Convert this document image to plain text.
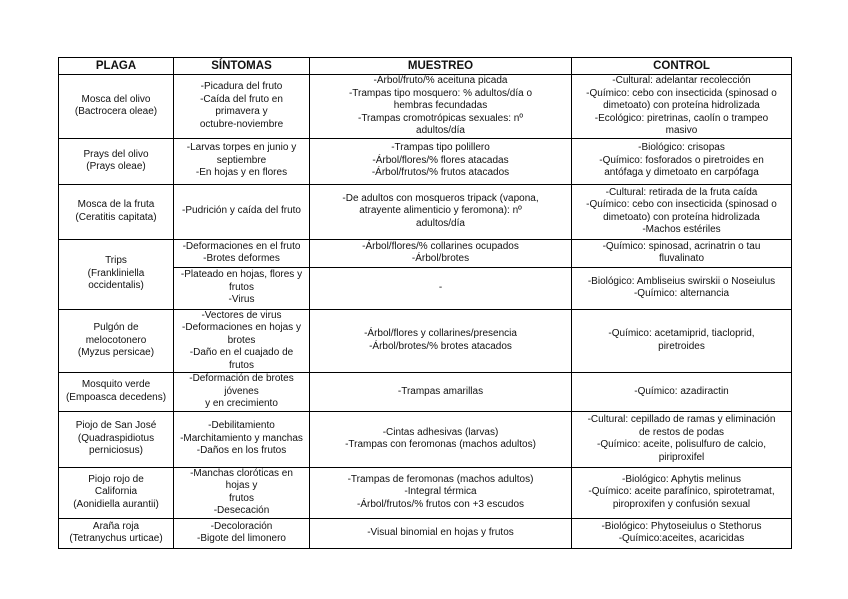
PLAGA	SÍNTOMAS	MUESTREO	CONTROL

Mosca del olivo
(Bactrocera oleae)	-Picadura del fruto
-Caída del fruto en primavera y
octubre-noviembre	-Árbol/fruto/% aceituna picada
-Trampas tipo mosquero: % adultos/día o
hembras fecundadas
-Trampas cromotrópicas sexuales: nº
adultos/día	-Cultural: adelantar recolección
-Químico: cebo con insecticida (spinosad o
dimetoato) con proteína hidrolizada
-Ecológico: piretrinas, caolín o trampeo
masivo

Prays del olivo
(Prays oleae)	-Larvas torpes en junio y
septiembre
-En hojas y en flores	-Trampas tipo polillero
-Árbol/flores/% flores atacadas
-Árbol/frutos/% frutos atacados	-Biológico: crisopas
-Químico: fosforados o piretroides en
antófaga y dimetoato en carpófaga

Mosca de la fruta
(Ceratitis capitata)	-Pudrición y caída del fruto	-De adultos con mosqueros tripack (vapona,
atrayente alimenticio y feromona): nº
adultos/día	-Cultural: retirada de la fruta caída
-Químico: cebo con insecticida (spinosad o
dimetoato) con proteína hidrolizada
-Machos estériles

Trips
(Frankliniella
occidentalis)	-Deformaciones en el fruto
-Brotes deformes	-Árbol/flores/% collarines ocupados
-Árbol/brotes	-Químico: spinosad, acrinatrin o tau
fluvalinato

	-Plateado en hojas, flores y
frutos
-Virus	-	-Biológico: Ambliseius swirskii o Noseiulus
-Químico: alternancia

Pulgón de
melocotonero
(Myzus persicae)	-Vectores de virus
-Deformaciones en hojas y
brotes
-Daño en el cuajado de frutos	-Árbol/flores y collarines/presencia
-Árbol/brotes/% brotes atacados	-Químico: acetamiprid, tiacloprid,
piretroides

Mosquito verde
(Empoasca decedens)	-Deformación de brotes jóvenes
y en crecimiento	-Trampas amarillas	-Químico: azadiractin

Piojo de San José
(Quadraspidiotus
perniciosus)	-Debilitamiento
-Marchitamiento y manchas
-Daños en los frutos	-Cintas adhesivas (larvas)
-Trampas con feromonas (machos adultos)	-Cultural: cepillado de ramas y eliminación
de restos de podas
-Químico: aceite, polisulfuro de calcio,
piriproxifel

Piojo rojo de
California
(Aonidiella aurantii)	-Manchas cloróticas en hojas y
frutos
-Desecación	-Trampas de feromonas (machos adultos)
-Integral térmica
-Árbol/frutos/% frutos con +3 escudos	-Biológico: Aphytis melinus
-Químico: aceite parafínico, spirotetramat,
piroproxifen y confusión sexual

Araña roja
(Tetranychus urticae)	-Decoloración
-Bigote del limonero	-Visual binomial en hojas y frutos	-Biológico: Phytoseiulus o Stethorus
-Químico:aceites, acaricidas
